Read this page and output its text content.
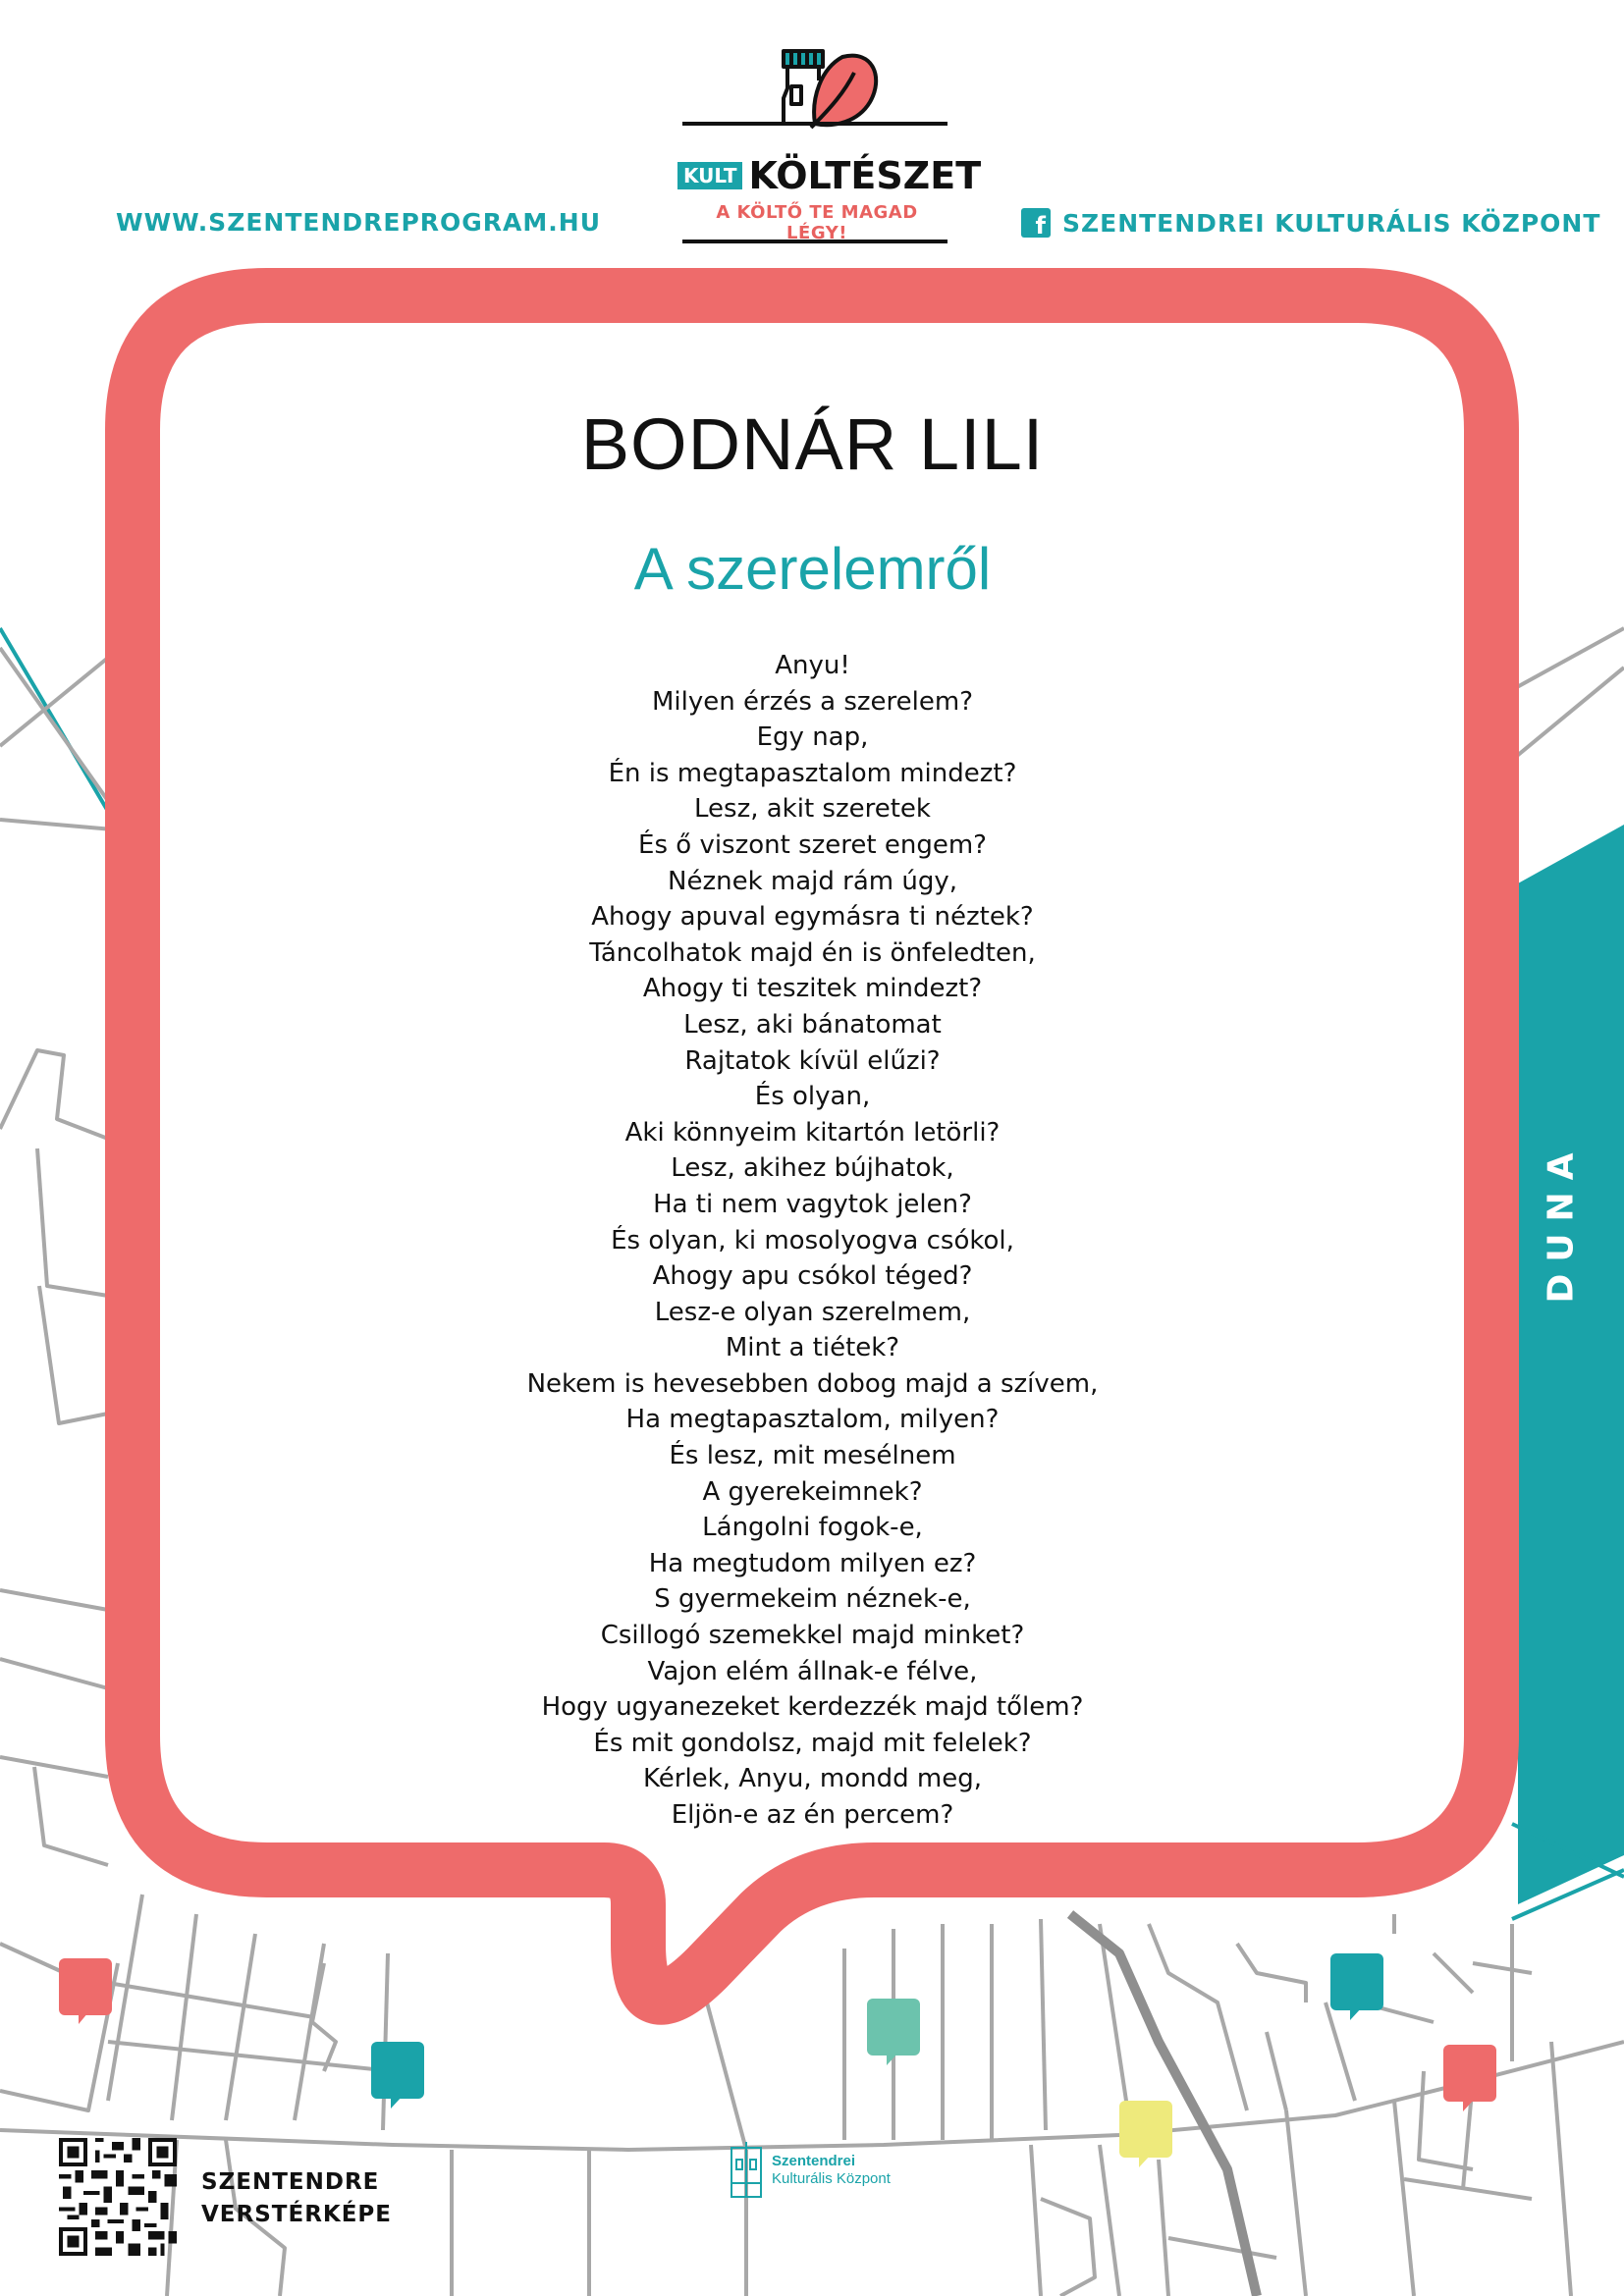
WWW.SZENTENDREPROGRAM.HU	f SZENTENDREI KULTURÁLIS KÖZPONT
KULT KÖLTÉSZET
A KÖLTŐ TE MAGAD LÉGY!
BODNÁR LILI
A szerelemről
Anyu!
Milyen érzés a szerelem?
Egy nap,
Én is megtapasztalom mindezt?
Lesz, akit szeretek
És ő viszont szeret engem?
Néznek majd rám úgy,
Ahogy apuval egymásra ti néztek?
Táncolhatok majd én is önfeledten,
Ahogy ti teszitek mindezt?
Lesz, aki bánatomat
Rajtatok kívül elűzi?
És olyan,
Aki könnyeim kitartón letörli?
Lesz, akihez bújhatok,
Ha ti nem vagytok jelen?
És olyan, ki mosolyogva csókol,
Ahogy apu csókol téged?
Lesz-e olyan szerelmem,
Mint a tiétek?
Nekem is hevesebben dobog majd a szívem,
Ha megtapasztalom, milyen?
És lesz, mit mesélnem
A gyerekeimnek?
Lángolni fogok-e,
Ha megtudom milyen ez?
S gyermekeim néznek-e,
Csillogó szemekkel majd minket?
Vajon elém állnak-e félve,
Hogy ugyanezeket kerdezzék majd tőlem?
És mit gondolsz, majd mit felelek?
Kérlek, Anyu, mondd meg,
Eljön-e az én percem?
DUNA
SZENTENDRE
VERSTÉRKÉPE
Szentendrei
Kulturális Központ
